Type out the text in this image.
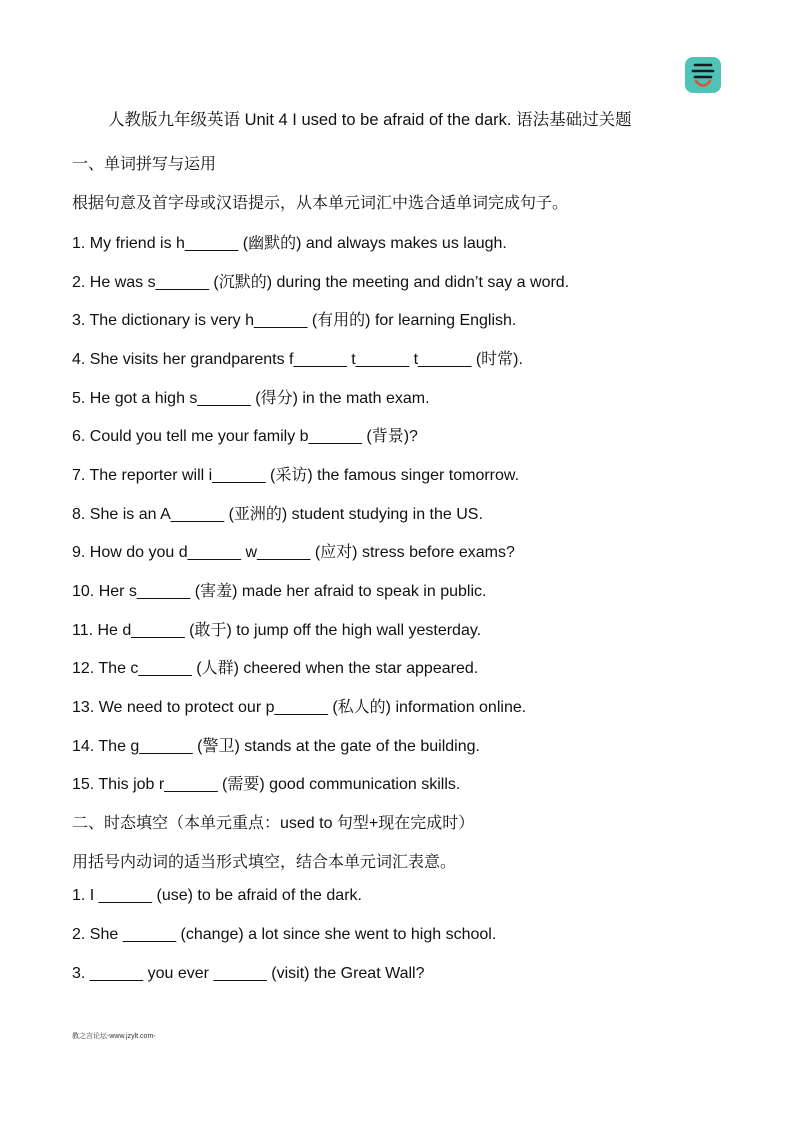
人教版九年级英语 Unit 4 I used to be afraid of the dark. 语法基础过关题
一、单词拼写与运用
根据句意及首字母或汉语提示，从本单元词汇中选合适单词完成句子。
1. My friend is h______ (幽默的) and always makes us laugh.
2. He was s______ (沉默的) during the meeting and didn’t say a word.
3. The dictionary is very h______ (有用的) for learning English.
4. She visits her grandparents f______ t______ t______ (时常).
5. He got a high s______ (得分) in the math exam.
6. Could you tell me your family b______ (背景)?
7. The reporter will i______ (采访) the famous singer tomorrow.
8. She is an A______ (亚洲的) student studying in the US.
9. How do you d______ w______ (应对) stress before exams?
10. Her s______ (害羞) made her afraid to speak in public.
11. He d______ (敢于) to jump off the high wall yesterday.
12. The c______ (人群) cheered when the star appeared.
13. We need to protect our p______ (私人的) information online.
14. The g______ (警卫) stands at the gate of the building.
15. This job r______ (需要) good communication skills.
二、时态填空（本单元重点：used to 句型+现在完成时）
用括号内动词的适当形式填空，结合本单元词汇表意。
1. I ______ (use) to be afraid of the dark.
2. She ______ (change) a lot since she went to high school.
3. ______ you ever ______ (visit) the Great Wall?
教之言论坛-www.jzylt.com-
